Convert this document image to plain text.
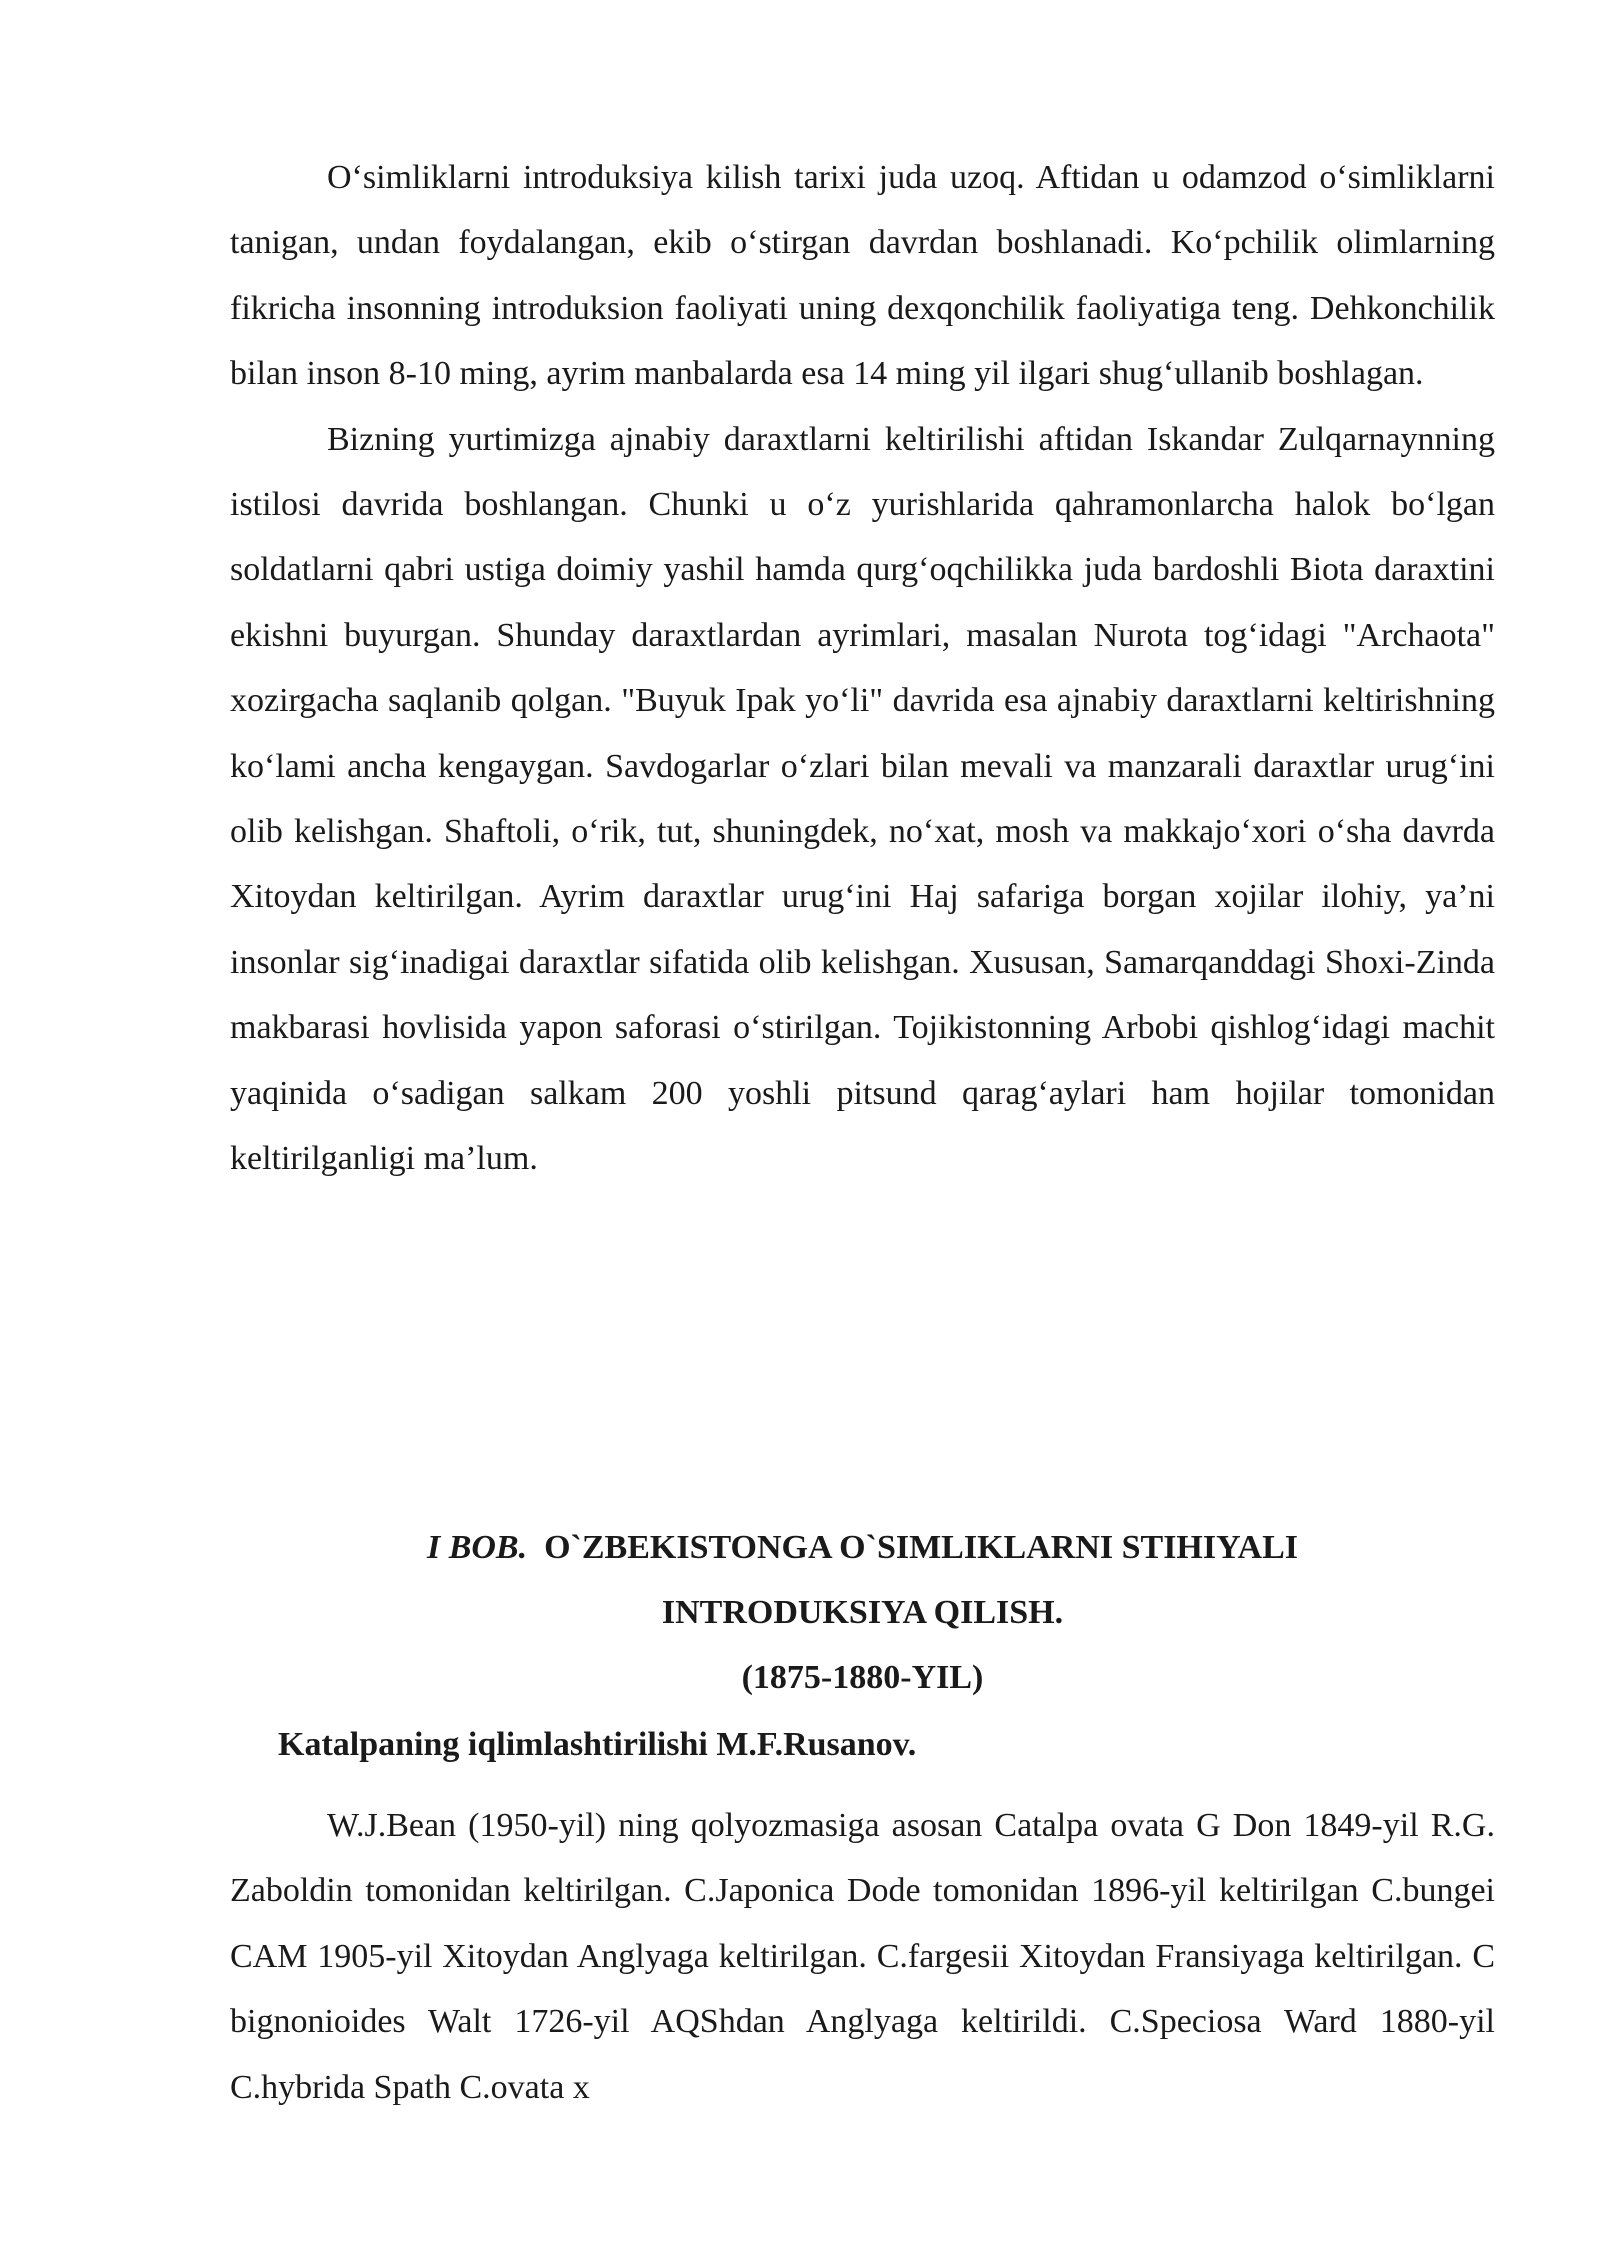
O‘simliklarni introduksiya kilish tarixi juda uzoq. Aftidan u odamzod o‘simliklarni tanigan, undan foydalangan, ekib o‘stirgan davrdan boshlanadi. Ko‘pchilik olimlarning fikricha insonning introduksion faoliyati uning dexqonchilik faoliyatiga teng. Dehkonchilik bilan inson 8-10 ming, ayrim manbalarda esa 14 ming yil ilgari shug‘ullanib boshlagan.

Bizning yurtimizga ajnabiy daraxtlarni keltirilishi aftidan Iskandar Zulqarnaynning istilosi davrida boshlangan. Chunki u o‘z yurishlarida qahramonlarcha halok bo‘lgan soldatlarni qabri ustiga doimiy yashil hamda qurg‘oqchilikka juda bardoshli Biota daraxtini ekishni buyurgan. Shunday daraxtlardan ayrimlari, masalan Nurota tog‘idagi "Archaota" xozirgacha saqlanib qolgan. "Buyuk Ipak yo‘li" davrida esa ajnabiy daraxtlarni keltirishning ko‘lami ancha kengaygan. Savdogarlar o‘zlari bilan mevali va manzarali daraxtlar urug‘ini olib kelishgan. Shaftoli, o‘rik, tut, shuningdek, no‘xat, mosh va makkajo‘xori o‘sha davrda Xitoydan keltirilgan. Ayrim daraxtlar urug‘ini Haj safariga borgan xojilar ilohiy, ya’ni insonlar sig‘inadigai daraxtlar sifatida olib kelishgan. Xususan, Samarqanddagi Shoxi-Zinda makbarasi hovlisida yapon saforasi o‘stirilgan. Tojikistonning Arbobi qishlog‘idagi machit yaqinida o‘sadigan salkam 200 yoshli pitsund qarag‘aylari ham hojilar tomonidan keltirilganligi ma’lum.

I BOB. O`ZBEKISTONGA O`SIMLIKLARNI STIHIYALI
INTRODUKSIYA QILISH.
(1875-1880-YIL)

Katalpaning iqlimlashtirilishi M.F.Rusanov.

W.J.Bean (1950-yil) ning qolyozmasiga asosan Catalpa ovata G Don 1849-yil R.G. Zaboldin tomonidan keltirilgan. C.Japonica Dode tomonidan 1896-yil keltirilgan C.bungei CAM 1905-yil Xitoydan Anglyaga keltirilgan. C.fargesii Xitoydan Fransiyaga keltirilgan. C bignonioides Walt 1726-yil AQShdan Anglyaga keltirildi. C.Speciosa Ward 1880-yil C.hybrida Spath C.ovata x
